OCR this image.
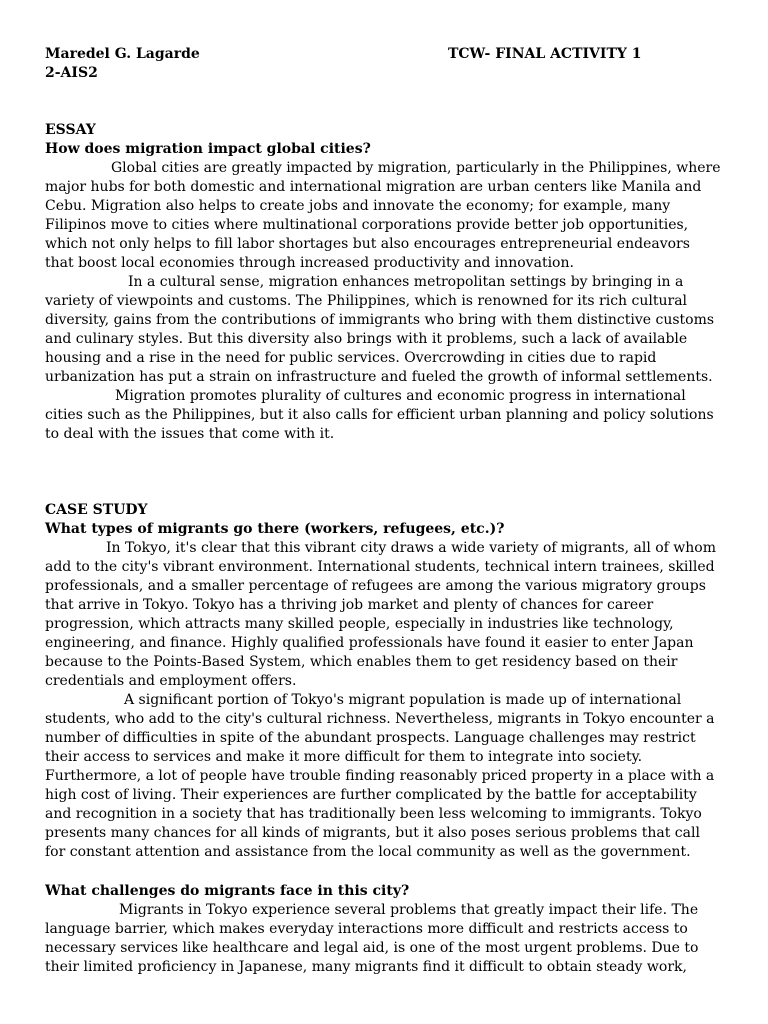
Maredel G. Lagarde	TCW- FINAL ACTIVITY 1
2-AIS2

ESSAY

How does migration impact global cities?

Global cities are greatly impacted by migration, particularly in the Philippines, where major hubs for both domestic and international migration are urban centers like Manila and Cebu. Migration also helps to create jobs and innovate the economy; for example, many Filipinos move to cities where multinational corporations provide better job opportunities, which not only helps to fill labor shortages but also encourages entrepreneurial endeavors that boost local economies through increased productivity and innovation.

In a cultural sense, migration enhances metropolitan settings by bringing in a variety of viewpoints and customs. The Philippines, which is renowned for its rich cultural diversity, gains from the contributions of immigrants who bring with them distinctive customs and culinary styles. But this diversity also brings with it problems, such a lack of available housing and a rise in the need for public services. Overcrowding in cities due to rapid urbanization has put a strain on infrastructure and fueled the growth of informal settlements.

Migration promotes plurality of cultures and economic progress in international cities such as the Philippines, but it also calls for efficient urban planning and policy solutions to deal with the issues that come with it.

CASE STUDY

What types of migrants go there (workers, refugees, etc.)?

In Tokyo, it's clear that this vibrant city draws a wide variety of migrants, all of whom add to the city's vibrant environment. International students, technical intern trainees, skilled professionals, and a smaller percentage of refugees are among the various migratory groups that arrive in Tokyo. Tokyo has a thriving job market and plenty of chances for career progression, which attracts many skilled people, especially in industries like technology, engineering, and finance. Highly qualified professionals have found it easier to enter Japan because to the Points-Based System, which enables them to get residency based on their credentials and employment offers.

A significant portion of Tokyo's migrant population is made up of international students, who add to the city's cultural richness. Nevertheless, migrants in Tokyo encounter a number of difficulties in spite of the abundant prospects. Language challenges may restrict their access to services and make it more difficult for them to integrate into society. Furthermore, a lot of people have trouble finding reasonably priced property in a place with a high cost of living. Their experiences are further complicated by the battle for acceptability and recognition in a society that has traditionally been less welcoming to immigrants. Tokyo presents many chances for all kinds of migrants, but it also poses serious problems that call for constant attention and assistance from the local community as well as the government.

What challenges do migrants face in this city?

Migrants in Tokyo experience several problems that greatly impact their life. The language barrier, which makes everyday interactions more difficult and restricts access to necessary services like healthcare and legal aid, is one of the most urgent problems. Due to their limited proficiency in Japanese, many migrants find it difficult to obtain steady work,
